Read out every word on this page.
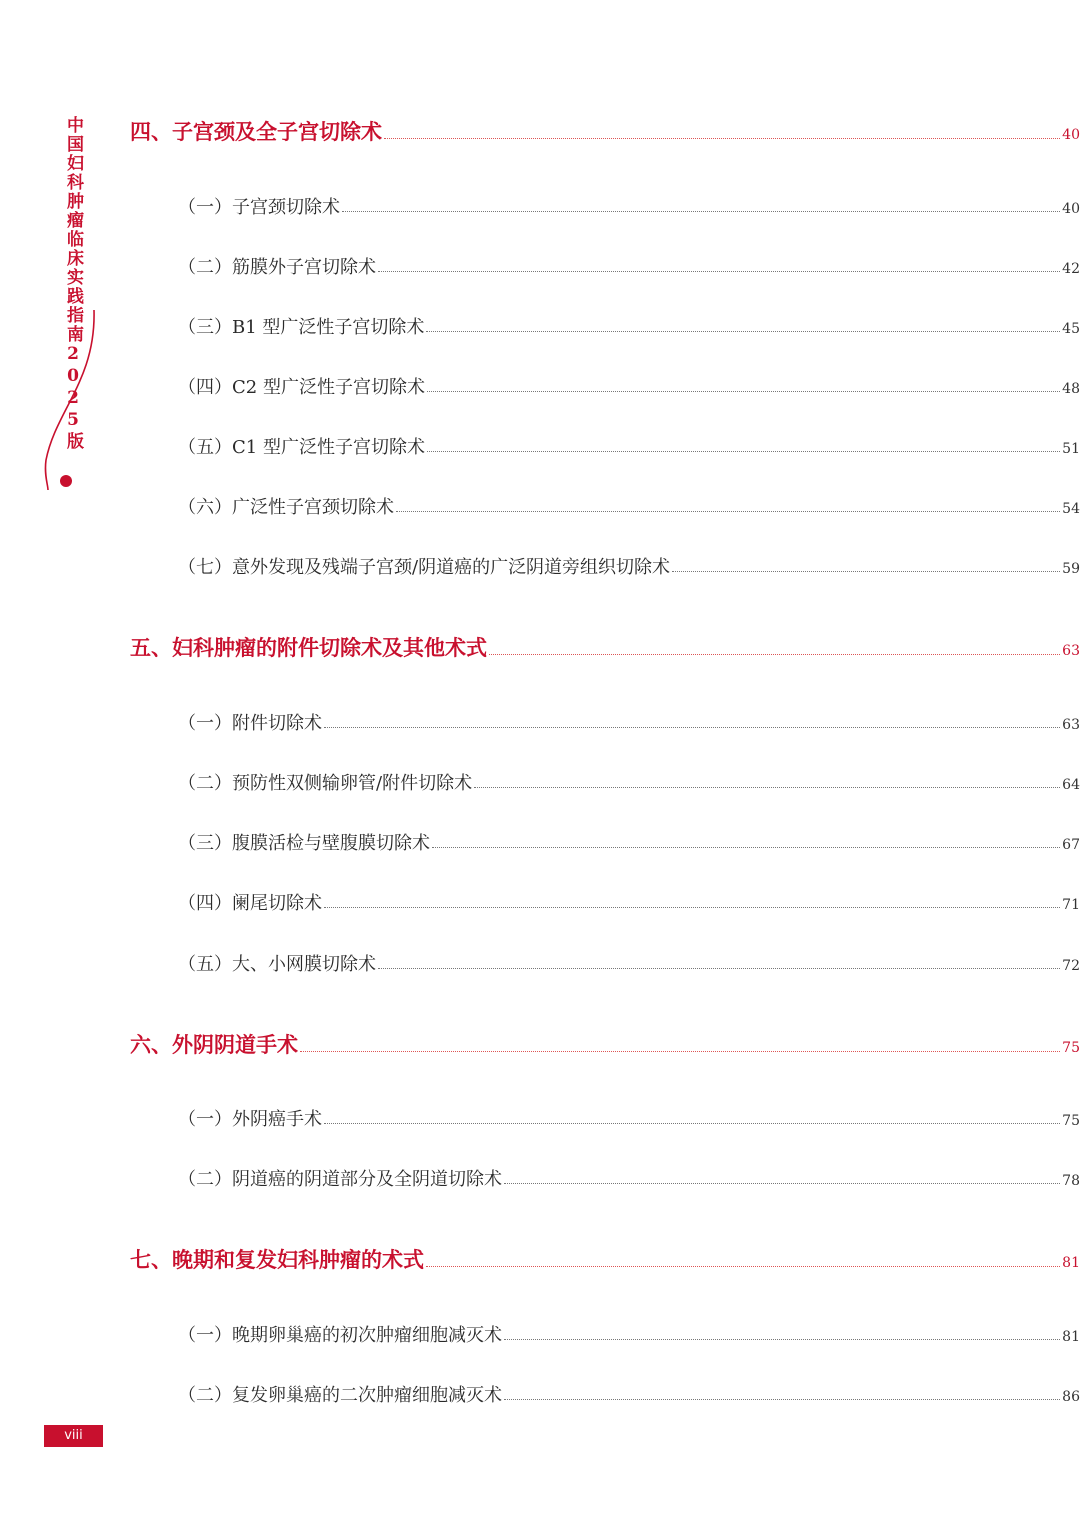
中国妇科肿瘤临床实践指南2025版 四、子宫颈及全子宫切除术	40
（一）子宫颈切除术	40
（二）筋膜外子宫切除术	42
（三）B1 型广泛性子宫切除术	45
（四）C2 型广泛性子宫切除术	48
（五）C1 型广泛性子宫切除术	51
（六）广泛性子宫颈切除术	54
（七）意外发现及残端子宫颈/阴道癌的广泛阴道旁组织切除术	59
五、妇科肿瘤的附件切除术及其他术式	63
（一）附件切除术	63
（二）预防性双侧输卵管/附件切除术	64
（三）腹膜活检与壁腹膜切除术	67
（四）阑尾切除术	71
（五）大、小网膜切除术	72
六、外阴阴道手术	75
（一）外阴癌手术	75
（二）阴道癌的阴道部分及全阴道切除术	78
七、晚期和复发妇科肿瘤的术式	81
（一）晚期卵巢癌的初次肿瘤细胞减灭术	81
（二）复发卵巢癌的二次肿瘤细胞减灭术	86
viii
